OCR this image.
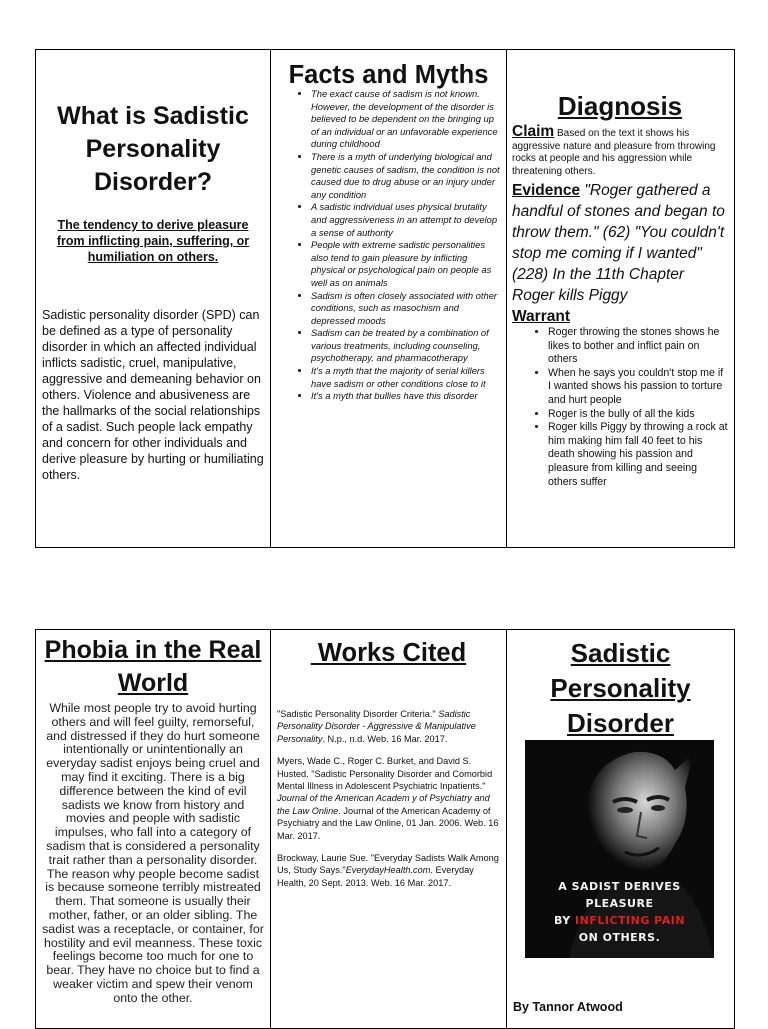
What is Sadistic Personality Disorder?

The tendency to derive pleasure from inflicting pain, suffering, or humiliation on others.

Sadistic personality disorder (SPD) can be defined as a type of personality disorder in which an affected individual inflicts sadistic, cruel, manipulative, aggressive and demeaning behavior on others. Violence and abusiveness are the hallmarks of the social relationships of a sadist. Such people lack empathy and concern for other individuals and derive pleasure by hurting or humiliating others.

Facts and Myths
• The exact cause of sadism is not known. However, the development of the disorder is believed to be dependent on the bringing up of an individual or an unfavorable experience during childhood
• There is a myth of underlying biological and genetic causes of sadism, the condition is not caused due to drug abuse or an injury under any condition
• A sadistic individual uses physical brutality and aggressiveness in an attempt to develop a sense of authority
• People with extreme sadistic personalities also tend to gain pleasure by inflicting physical or psychological pain on people as well as on animals
• Sadism is often closely associated with other conditions, such as masochism and depressed moods
• Sadism can be treated by a combination of various treatments, including counseling, psychotherapy, and pharmacotherapy
• It's a myth that the majority of serial killers have sadism or other conditions close to it
• It's a myth that bullies have this disorder
Diagnosis
Claim Based on the text it shows his aggressive nature and pleasure from throwing rocks at people and his aggression while threatening others.
Evidence "Roger gathered a handful of stones and began to throw them." (62) "You couldn't stop me coming if I wanted" (228) In the 11th Chapter Roger kills Piggy
Warrant
• Roger throwing the stones shows he likes to bother and inflict pain on others
• When he says you couldn't stop me if I wanted shows his passion to torture and hurt people
• Roger is the bully of all the kids
• Roger kills Piggy by throwing a rock at him making him fall 40 feet to his death showing his passion and pleasure from killing and seeing others suffer
Phobia in the Real World

While most people try to avoid hurting others and will feel guilty, remorseful, and distressed if they do hurt someone intentionally or unintentionally an everyday sadist enjoys being cruel and may find it exciting. There is a big difference between the kind of evil sadists we know from history and movies and people with sadistic impulses, who fall into a category of sadism that is considered a personality trait rather than a personality disorder. The reason why people become sadist is because someone terribly mistreated them. That someone is usually their mother, father, or an older sibling. The sadist was a receptacle, or container, for hostility and evil meanness. These toxic feelings become too much for one to bear. They have no choice but to find a weaker victim and spew their venom onto the other.

Works Cited

"Sadistic Personality Disorder Criteria." Sadistic Personality Disorder - Aggressive & Manipulative Personality. N.p., n.d. Web. 16 Mar. 2017.

Myers, Wade C., Roger C. Burket, and David S. Husted. "Sadistic Personality Disorder and Comorbid Mental Illness in Adolescent Psychiatric Inpatients." Journal of the American Academ y of Psychiatry and the Law Online. Journal of the American Academy of Psychiatry and the Law Online, 01 Jan. 2006. Web. 16 Mar. 2017.

Brockway, Laurie Sue. "Everyday Sadists Walk Among Us, Study Says."EverydayHealth.com. Everyday Health, 20 Sept. 2013. Web. 16 Mar. 2017.

Sadistic Personality Disorder
A SADIST DERIVES PLEASURE
BY INFLICTING PAIN
ON OTHERS.
By Tannor Atwood
